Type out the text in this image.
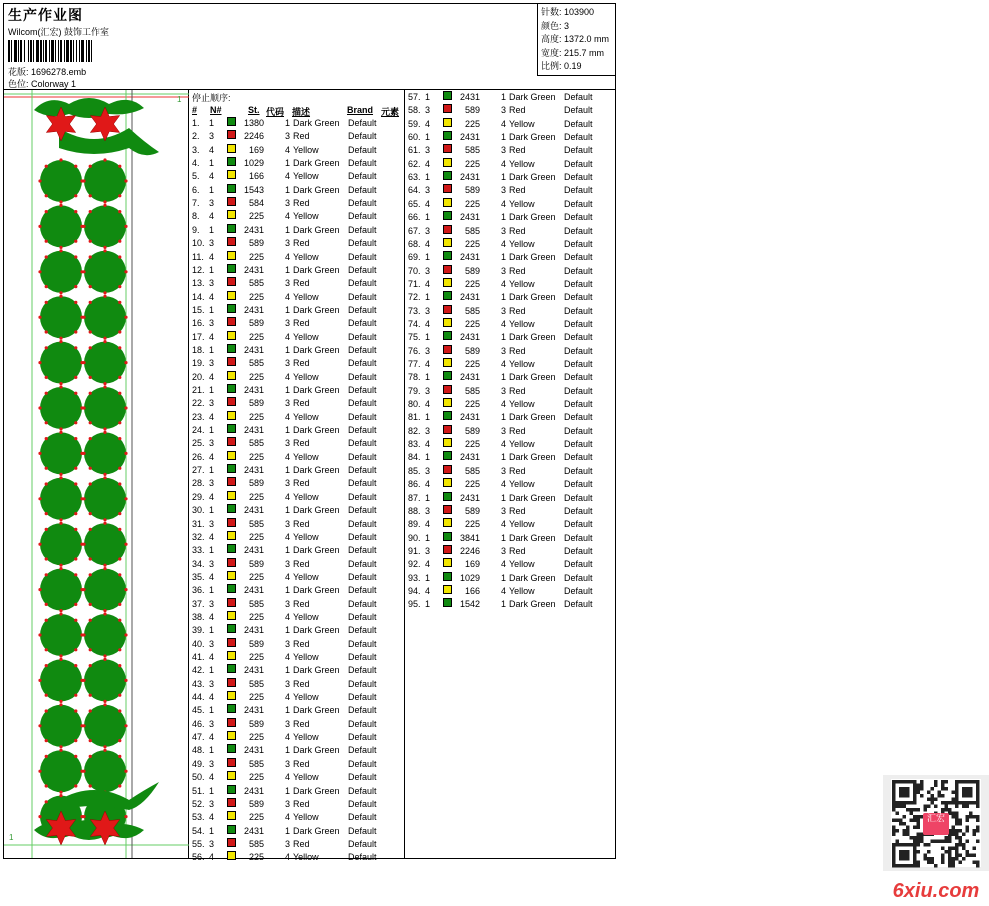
生产作业图
Wilcom(汇宏) 鼓饰工作室
花版: 1696278.emb
色位: Colorway 1
针数: 103900
颜色: 3
高度: 1372.0 mm
宽度: 215.7 mm
比例: 0.19
1
1 停止顺序:
# N#	St. 代码 描述	Brand 元素
1. 1	1380 1 Dark Green Default
2. 3	2246 3 Red	Default
3. 4	169 4 Yellow	Default
4. 1	1029 1 Dark Green Default
5. 4	166 4 Yellow	Default
6. 1	1543 1 Dark Green Default
7. 3	584 3 Red	Default
8. 4	225 4 Yellow	Default
9. 1	2431 1 Dark Green Default
10. 3	589 3 Red	Default
11. 4	225 4 Yellow	Default
12. 1	2431 1 Dark Green Default
13. 3	585 3 Red	Default
14. 4	225 4 Yellow	Default
15. 1	2431 1 Dark Green Default
16. 3	589 3 Red	Default
17. 4	225 4 Yellow	Default
18. 1	2431 1 Dark Green Default
19. 3	585 3 Red	Default
20. 4	225 4 Yellow	Default
21. 1	2431 1 Dark Green Default
22. 3	589 3 Red	Default
23. 4	225 4 Yellow	Default
24. 1	2431 1 Dark Green Default
25. 3	585 3 Red	Default
26. 4	225 4 Yellow	Default
27. 1	2431 1 Dark Green Default
28. 3	589 3 Red	Default
29. 4	225 4 Yellow	Default
30. 1	2431 1 Dark Green Default
31. 3	585 3 Red	Default
32. 4	225 4 Yellow	Default
33. 1	2431 1 Dark Green Default
34. 3	589 3 Red	Default
35. 4	225 4 Yellow	Default
36. 1	2431 1 Dark Green Default
37. 3	585 3 Red	Default
38. 4	225 4 Yellow	Default
39. 1	2431 1 Dark Green Default
40. 3	589 3 Red	Default
41. 4	225 4 Yellow	Default
42. 1	2431 1 Dark Green Default
43. 3	585 3 Red	Default
44. 4	225 4 Yellow	Default
45. 1	2431 1 Dark Green Default
46. 3	589 3 Red	Default
47. 4	225 4 Yellow	Default
48. 1	2431 1 Dark Green Default
49. 3	585 3 Red	Default
50. 4	225 4 Yellow	Default
51. 1	2431 1 Dark Green Default
52. 3	589 3 Red	Default
53. 4	225 4 Yellow	Default
54. 1	2431 1 Dark Green Default
55. 3	585 3 Red	Default
56. 4	225 4 Yellow	Default
57. 1	2431 1 Dark Green Default
58. 3	589 3 Red	Default
59. 4	225 4 Yellow	Default
60. 1	2431 1 Dark Green Default
61. 3	585 3 Red	Default
62. 4	225 4 Yellow	Default
63. 1	2431 1 Dark Green Default
64. 3	589 3 Red	Default
65. 4	225 4 Yellow	Default
66. 1	2431 1 Dark Green Default
67. 3	585 3 Red	Default
68. 4	225 4 Yellow	Default
69. 1	2431 1 Dark Green Default
70. 3	589 3 Red	Default
71. 4	225 4 Yellow	Default
72. 1	2431 1 Dark Green Default
73. 3	585 3 Red	Default
74. 4	225 4 Yellow	Default
75. 1	2431 1 Dark Green Default
76. 3	589 3 Red	Default
77. 4	225 4 Yellow	Default
78. 1	2431 1 Dark Green Default
79. 3	585 3 Red	Default
80. 4	225 4 Yellow	Default
81. 1	2431 1 Dark Green Default
82. 3	589 3 Red	Default
83. 4	225 4 Yellow	Default
84. 1	2431 1 Dark Green Default
85. 3	585 3 Red	Default
86. 4	225 4 Yellow	Default
87. 1	2431 1 Dark Green Default
88. 3	589 3 Red	Default
89. 4	225 4 Yellow	Default
90. 1	3841 1 Dark Green Default
91. 3	2246 3 Red	Default
92. 4	169 4 Yellow	Default
93. 1	1029 1 Dark Green Default
94. 4	166 4 Yellow	Default
95. 1	1542 1 Dark Green Default
汇宏
6xiu.com
